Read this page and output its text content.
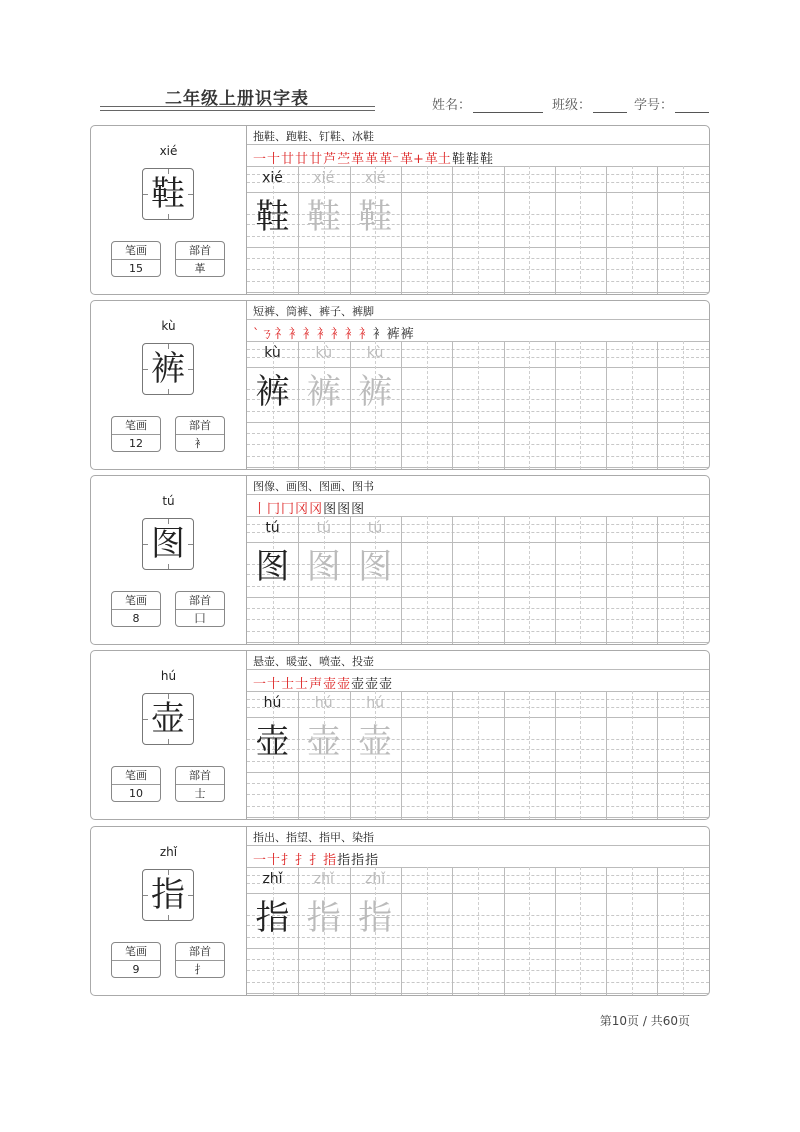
二年级上册识字表	姓名：	班级：	学号：
xié
鞋
笔画
15
部首
革
拖鞋、跑鞋、钉鞋、冰鞋
一十廿廿廿芦苎革革革⁻革+革土鞋鞋鞋
xié
鞋
xié
鞋
xié
鞋
kù
裤
笔画
12
部首
衤
短裤、筒裤、裤子、裤脚
`ㄋ礻衤衤衤衤衤衤衤裤裤
kù
裤
kù
裤
kù
裤
tú
图
笔画
8
部首
囗
图像、画图、图画、图书
丨冂冂冈冈图图图
tú
图
tú
图
tú
图
hú
壶
笔画
10
部首
士
悬壶、暖壶、喷壶、投壶
一十士士声壶壶壶壶壶
hú
壶
hú
壶
hú
壶
zhǐ
指
笔画
9
部首
扌
指出、指望、指甲、染指
一十扌扌扌指指指指
zhǐ
指
zhǐ
指
zhǐ
指
第10页 / 共60页
